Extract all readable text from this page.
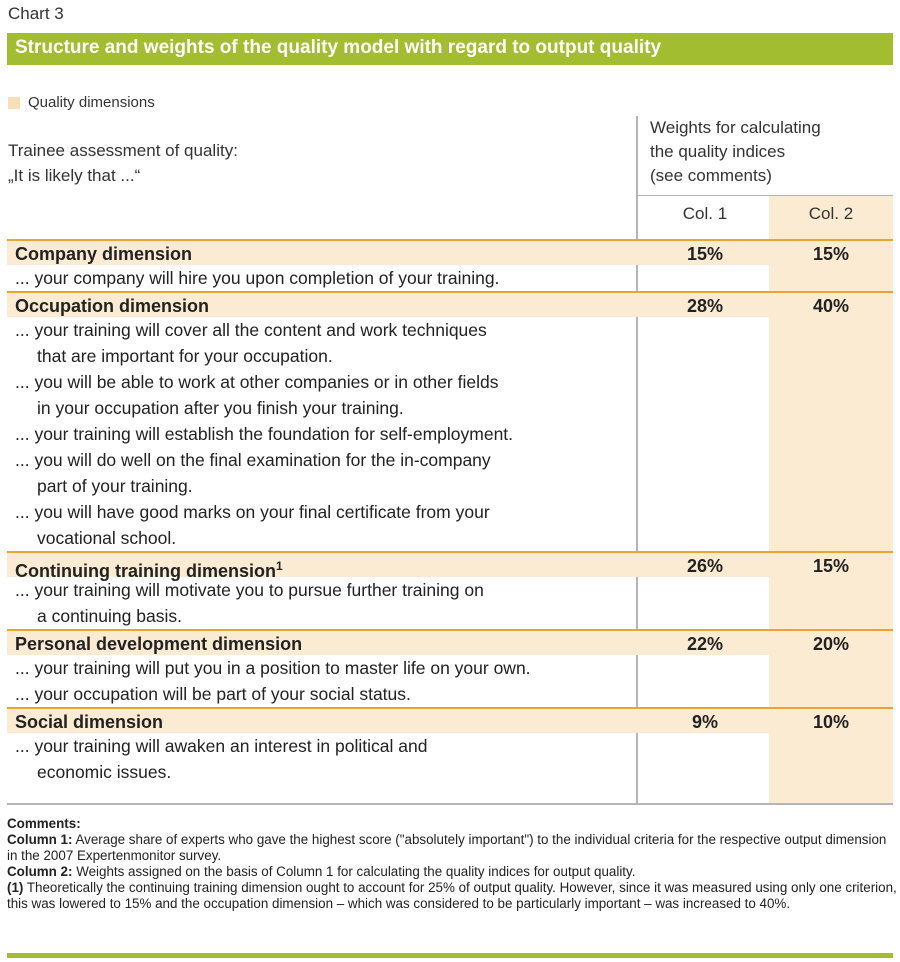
Chart 3
Structure and weights of the quality model with regard to output quality
Quality dimensions
Weights for calculating
the quality indices
(see comments)
Trainee assessment of quality:
„It is likely that ...“
Col. 1	Col. 2
Company dimension	15%	15%
... your company will hire you upon completion of your training.
Occupation dimension	28%	40%
... your training will cover all the content and work techniques
that are important for your occupation.
... you will be able to work at other companies or in other fields
in your occupation after you finish your training.
... your training will establish the foundation for self-employment.
... you will do well on the final examination for the in-company
part of your training.
... you will have good marks on your final certificate from your
vocational school.
Continuing training dimension$^1$	26%	15%
... your training will motivate you to pursue further training on
a continuing basis.
Personal development dimension	22%	20%
... your training will put you in a position to master life on your own.
... your occupation will be part of your social status.
Social dimension	9%	10%
... your training will awaken an interest in political and
economic issues.
Comments:
Column 1: Average share of experts who gave the highest score ("absolutely important") to the individual criteria for the respective output dimension in the 2007 Expertenmonitor survey.
Column 2: Weights assigned on the basis of Column 1 for calculating the quality indices for output quality.
(1) Theoretically the continuing training dimension ought to account for 25% of output quality. However, since it was measured using only one criterion, this was lowered to 15% and the occupation dimension – which was considered to be particularly important – was increased to 40%.
